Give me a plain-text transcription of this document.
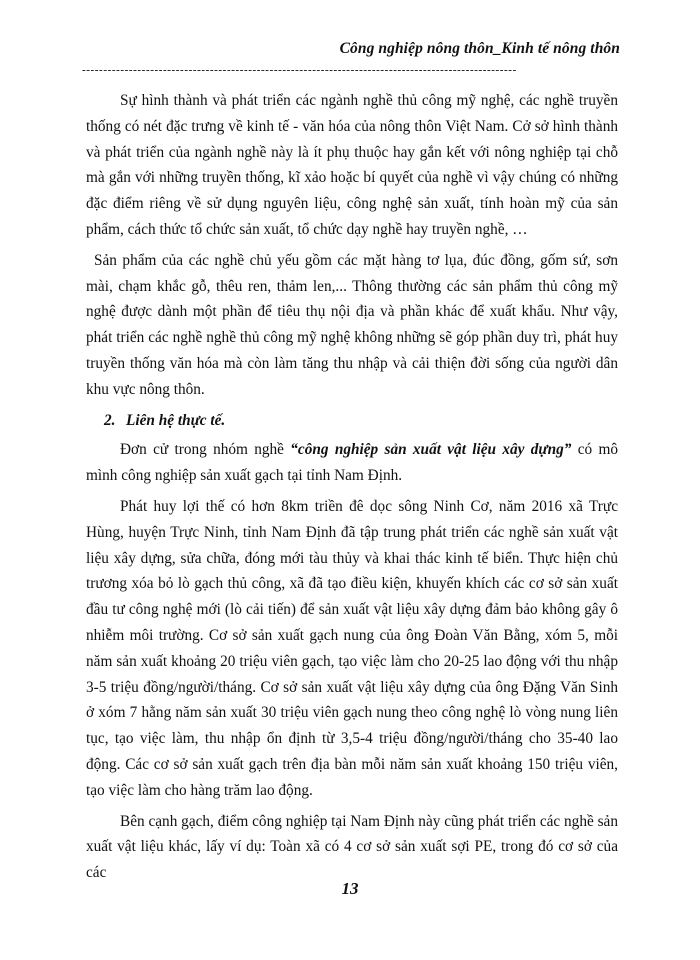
Công nghiệp nông thôn_Kinh tế nông thôn
------------------------------------------------------------------------------------------------------

Sự hình thành và phát triển các ngành nghề thủ công mỹ nghệ, các nghề truyền thống có nét đặc trưng về kinh tế - văn hóa của nông thôn Việt Nam. Cở sở hình thành và phát triển của ngành nghề này là ít phụ thuộc hay gắn kết với nông nghiệp tại chỗ mà gắn với những truyền thống, kĩ xảo hoặc bí quyết của nghề vì vậy chúng có những đặc điểm riêng về sử dụng nguyên liệu, công nghệ sản xuất, tính hoàn mỹ của sản phẩm, cách thức tổ chức sản xuất, tổ chức dạy nghề hay truyền nghề, …

Sản phẩm của các nghề chủ yếu gồm các mặt hàng tơ lụa, đúc đồng, gốm sứ, sơn mài, chạm khắc gỗ, thêu ren, thảm len,... Thông thường các sản phẩm thủ công mỹ nghệ được dành một phần để tiêu thụ nội địa và phần khác để xuất khẩu. Như vậy, phát triển các nghề nghề thủ công mỹ nghệ không những sẽ góp phần duy trì, phát huy truyền thống văn hóa mà còn làm tăng thu nhập và cải thiện đời sống của người dân khu vực nông thôn.

2. Liên hệ thực tế.

Đơn cử trong nhóm nghề “công nghiệp sản xuất vật liệu xây dựng” có mô mình công nghiệp sản xuất gạch tại tỉnh Nam Định.

Phát huy lợi thế có hơn 8km triền đê dọc sông Ninh Cơ, năm 2016 xã Trực Hùng, huyện Trực Ninh, tỉnh Nam Định đã tập trung phát triển các nghề sản xuất vật liệu xây dựng, sửa chữa, đóng mới tàu thủy và khai thác kinh tế biển. Thực hiện chủ trương xóa bỏ lò gạch thủ công, xã đã tạo điều kiện, khuyến khích các cơ sở sản xuất đầu tư công nghệ mới (lò cải tiến) để sản xuất vật liệu xây dựng đảm bảo không gây ô nhiễm môi trường. Cơ sở sản xuất gạch nung của ông Đoàn Văn Bằng, xóm 5, mỗi năm sản xuất khoảng 20 triệu viên gạch, tạo việc làm cho 20-25 lao động với thu nhập 3-5 triệu đồng/người/tháng. Cơ sở sản xuất vật liệu xây dựng của ông Đặng Văn Sinh ở xóm 7 hằng năm sản xuất 30 triệu viên gạch nung theo công nghệ lò vòng nung liên tục, tạo việc làm, thu nhập ổn định từ 3,5-4 triệu đồng/người/tháng cho 35-40 lao động. Các cơ sở sản xuất gạch trên địa bàn mỗi năm sản xuất khoảng 150 triệu viên, tạo việc làm cho hàng trăm lao động.

Bên cạnh gạch, điểm công nghiệp tại Nam Định này cũng phát triển các nghề sản xuất vật liệu khác, lấy ví dụ: Toàn xã có 4 cơ sở sản xuất sợi PE, trong đó cơ sở của các

13
